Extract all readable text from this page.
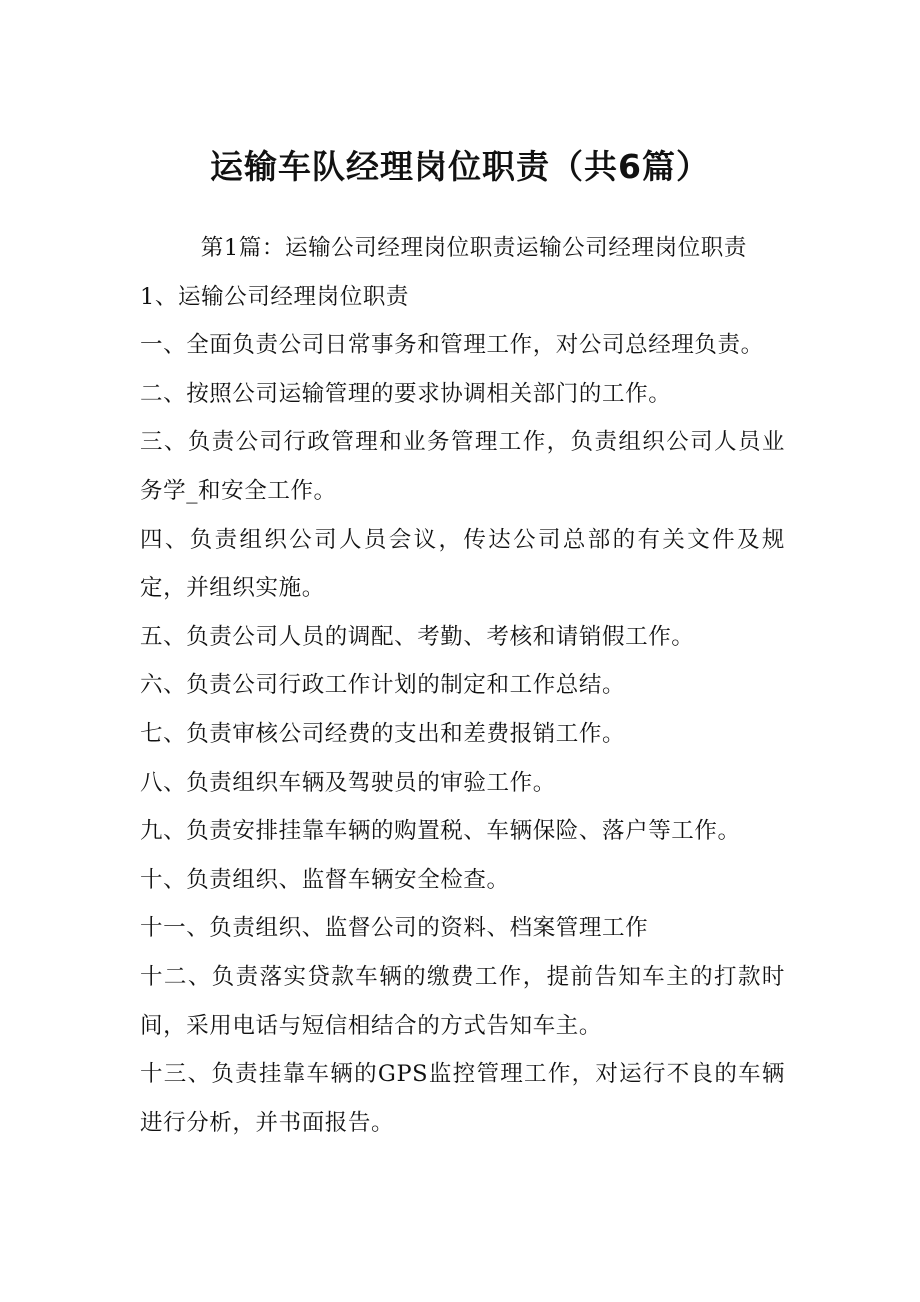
运输车队经理岗位职责（共6篇）

第1篇：运输公司经理岗位职责运输公司经理岗位职责

1、运输公司经理岗位职责

一、全面负责公司日常事务和管理工作，对公司总经理负责。

二、按照公司运输管理的要求协调相关部门的工作。

三、负责公司行政管理和业务管理工作，负责组织公司人员业务学_和安全工作。

四、负责组织公司人员会议，传达公司总部的有关文件及规定，并组织实施。

五、负责公司人员的调配、考勤、考核和请销假工作。

六、负责公司行政工作计划的制定和工作总结。

七、负责审核公司经费的支出和差费报销工作。

八、负责组织车辆及驾驶员的审验工作。

九、负责安排挂靠车辆的购置税、车辆保险、落户等工作。

十、负责组织、监督车辆安全检查。

十一、负责组织、监督公司的资料、档案管理工作

十二、负责落实贷款车辆的缴费工作，提前告知车主的打款时间，采用电话与短信相结合的方式告知车主。

十三、负责挂靠车辆的GPS监控管理工作，对运行不良的车辆进行分析，并书面报告。
